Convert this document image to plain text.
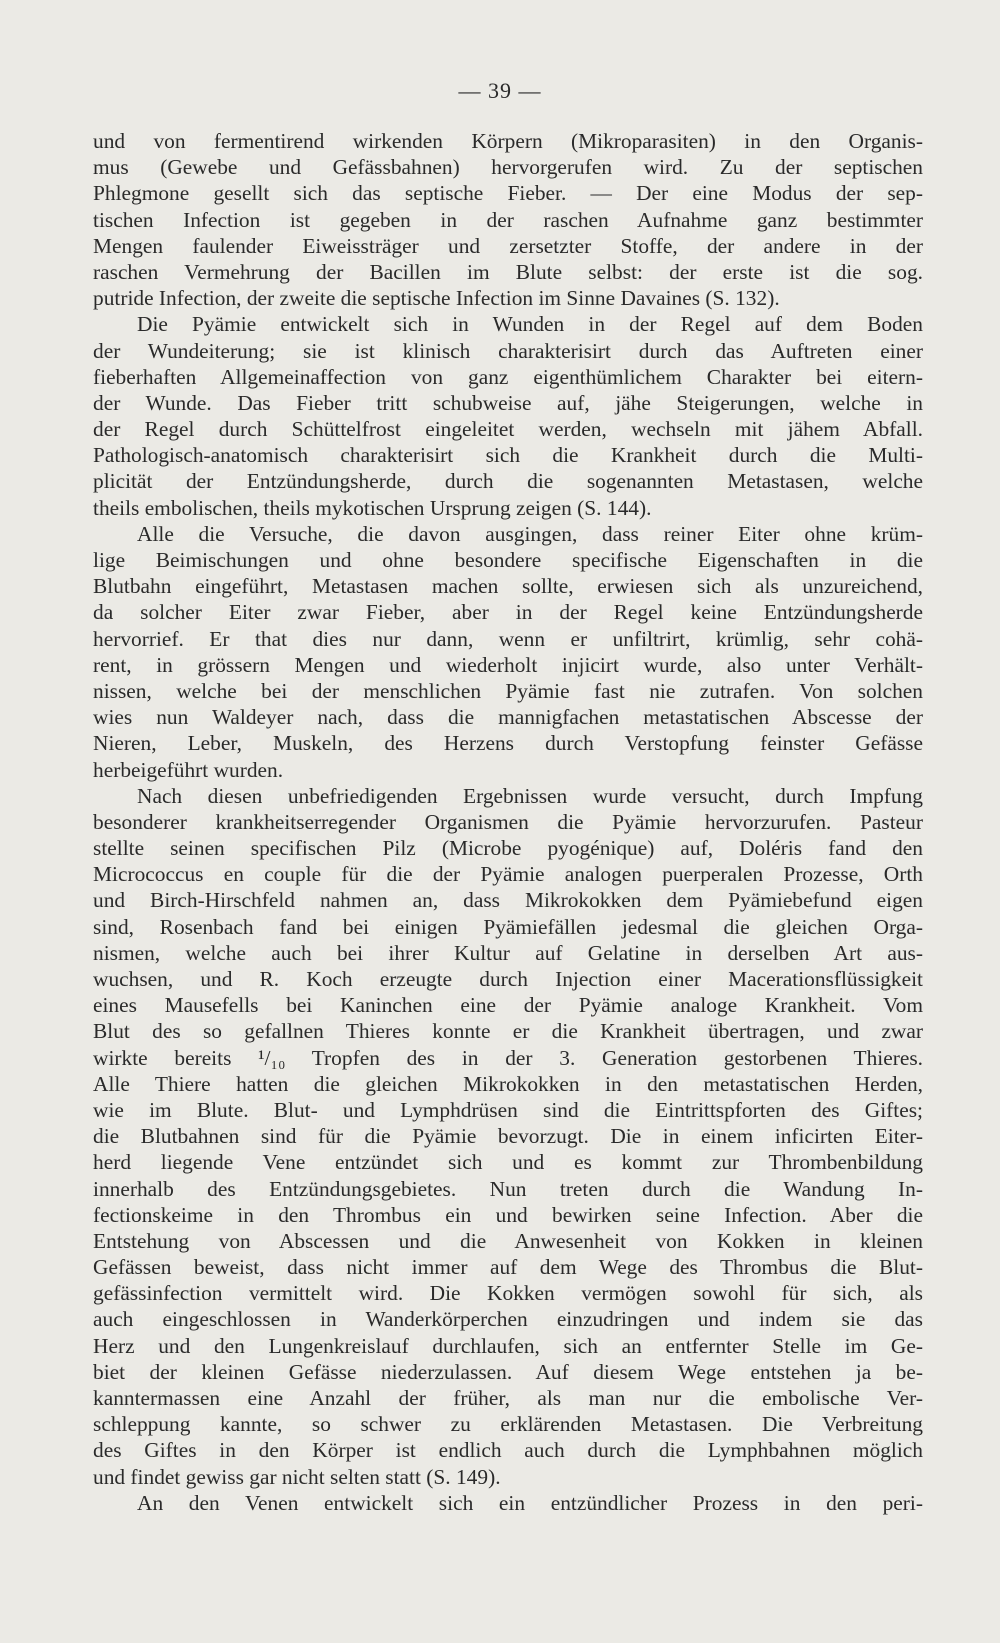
— 39 —
und von fermentirend wirkenden Körpern (Mikroparasiten) in den Organis-
mus (Gewebe und Gefässbahnen) hervorgerufen wird. Zu der septischen
Phlegmone gesellt sich das septische Fieber. — Der eine Modus der sep-
tischen Infection ist gegeben in der raschen Aufnahme ganz bestimmter
Mengen faulender Eiweissträger und zersetzter Stoffe, der andere in der
raschen Vermehrung der Bacillen im Blute selbst: der erste ist die sog.
putride Infection, der zweite die septische Infection im Sinne Davaines (S. 132).
Die Pyämie entwickelt sich in Wunden in der Regel auf dem Boden
der Wundeiterung; sie ist klinisch charakterisirt durch das Auftreten einer
fieberhaften Allgemeinaffection von ganz eigenthümlichem Charakter bei eitern-
der Wunde. Das Fieber tritt schubweise auf, jähe Steigerungen, welche in
der Regel durch Schüttelfrost eingeleitet werden, wechseln mit jähem Abfall.
Pathologisch-anatomisch charakterisirt sich die Krankheit durch die Multi-
plicität der Entzündungsherde, durch die sogenannten Metastasen, welche
theils embolischen, theils mykotischen Ursprung zeigen (S. 144).
Alle die Versuche, die davon ausgingen, dass reiner Eiter ohne krüm-
lige Beimischungen und ohne besondere specifische Eigenschaften in die
Blutbahn eingeführt, Metastasen machen sollte, erwiesen sich als unzureichend,
da solcher Eiter zwar Fieber, aber in der Regel keine Entzündungsherde
hervorrief. Er that dies nur dann, wenn er unfiltrirt, krümlig, sehr cohä-
rent, in grössern Mengen und wiederholt injicirt wurde, also unter Verhält-
nissen, welche bei der menschlichen Pyämie fast nie zutrafen. Von solchen
wies nun Waldeyer nach, dass die mannigfachen metastatischen Abscesse der
Nieren, Leber, Muskeln, des Herzens durch Verstopfung feinster Gefässe
herbeigeführt wurden.
Nach diesen unbefriedigenden Ergebnissen wurde versucht, durch Impfung
besonderer krankheitserregender Organismen die Pyämie hervorzurufen. Pasteur
stellte seinen specifischen Pilz (Microbe pyogénique) auf, Doléris fand den
Micrococcus en couple für die der Pyämie analogen puerperalen Prozesse, Orth
und Birch-Hirschfeld nahmen an, dass Mikrokokken dem Pyämiebefund eigen
sind, Rosenbach fand bei einigen Pyämiefällen jedesmal die gleichen Orga-
nismen, welche auch bei ihrer Kultur auf Gelatine in derselben Art aus-
wuchsen, und R. Koch erzeugte durch Injection einer Macerationsflüssigkeit
eines Mausefells bei Kaninchen eine der Pyämie analoge Krankheit. Vom
Blut des so gefallnen Thieres konnte er die Krankheit übertragen, und zwar
wirkte bereits ¹/₁₀ Tropfen des in der 3. Generation gestorbenen Thieres.
Alle Thiere hatten die gleichen Mikrokokken in den metastatischen Herden,
wie im Blute. Blut- und Lymphdrüsen sind die Eintrittspforten des Giftes;
die Blutbahnen sind für die Pyämie bevorzugt. Die in einem inficirten Eiter-
herd liegende Vene entzündet sich und es kommt zur Thrombenbildung
innerhalb des Entzündungsgebietes. Nun treten durch die Wandung In-
fectionskeime in den Thrombus ein und bewirken seine Infection. Aber die
Entstehung von Abscessen und die Anwesenheit von Kokken in kleinen
Gefässen beweist, dass nicht immer auf dem Wege des Thrombus die Blut-
gefässinfection vermittelt wird. Die Kokken vermögen sowohl für sich, als
auch eingeschlossen in Wanderkörperchen einzudringen und indem sie das
Herz und den Lungenkreislauf durchlaufen, sich an entfernter Stelle im Ge-
biet der kleinen Gefässe niederzulassen. Auf diesem Wege entstehen ja be-
kanntermassen eine Anzahl der früher, als man nur die embolische Ver-
schleppung kannte, so schwer zu erklärenden Metastasen. Die Verbreitung
des Giftes in den Körper ist endlich auch durch die Lymphbahnen möglich
und findet gewiss gar nicht selten statt (S. 149).
An den Venen entwickelt sich ein entzündlicher Prozess in den peri-
